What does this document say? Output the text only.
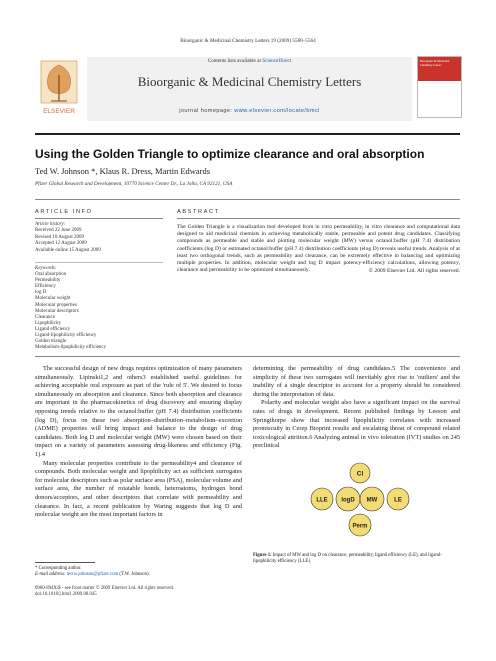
Bioorganic & Medicinal Chemistry Letters 19 (2009) 5560–5564
ELSEVIER
Contents lists available at ScienceDirect
Bioorganic & Medicinal Chemistry Letters
journal homepage: www.elsevier.com/locate/bmcl
Bioorganic & Medicinal Chemistry Letters
Using the Golden Triangle to optimize clearance and oral absorption
Ted W. Johnson *, Klaus R. Dress, Martin Edwards
Pfizer Global Research and Development, 10770 Science Center Dr., La Jolla, CA 92121, USA
ARTICLE INFO	ABSTRACT
Article history:
Received 22 June 2009
Revised 10 August 2009
Accepted 12 August 2009
Available online 15 August 2009
Keywords:
Oral absorption
Permeability
Efficiency
log D
Molecular weight
Molecular properties
Molecular descriptors
Clearance
Lipophilicity
Ligand efficiency
Ligand-lipophilicity efficiency
Golden triangle
Metabolism-lipophilicity efficiency
The Golden Triangle is a visualization tool developed from in vitro permeability, in vitro clearance and computational data designed to aid medicinal chemists in achieving metabolically stable, permeable and potent drug candidates. Classifying compounds as permeable and stable and plotting molecular weight (MW) versus octanol:buffer (pH 7.4) distribution coefficients (log D) or estimated octanol:buffer (pH 7.4) distribution coefficients (elog D) reveals useful trends. Analysis of at least two orthogonal trends, such as permeability and clearance, can be extremely effective in balancing and optimizing multiple properties. In addition, molecular weight and log D impact potency-efficiency calculations, allowing potency, clearance and permeability to be optimized simultaneously.	© 2009 Elsevier Ltd. All rights reserved.

The successful design of new drugs requires optimization of many parameters simultaneously. Lipinski1,2 and others3 established useful guidelines for achieving acceptable oral exposure as part of the 'rule of 5'. We desired to focus simultaneously on absorption and clearance. Since both absorption and clearance are important in the pharmacokinetics of drug discovery and ensuring display opposing trends relative to the octanol:buffer (pH 7.4) distribution coefficients (log D), focus on these two absorption–distribution–metabolism–excretion (ADME) properties will bring impact and balance to the design of drug candidates. Both log D and molecular weight (MW) were chosen based on their impact on a variety of parameters assessing drug-likeness and efficiency (Fig. 1).4

Many molecular properties contribute to the permeability4 and clearance of compounds. Both molecular weight and lipophilicity act as sufficient surrogates for molecular descriptors such as polar surface area (PSA), molecular volume and surface area, the number of rotatable bonds, heteroatoms, hydrogen bond donors/acceptors, and other descriptors that correlate with permeability and clearance. In fact, a recent publication by Waring suggests that log D and molecular weight are the most important factors in

determining the permeability of drug candidates.5 The convenience and simplicity of these two surrogates will inevitably give rise to 'outliers' and the inability of a single descriptor to account for a property should be considered during the interpretation of data.

Polarity and molecular weight also have a significant impact on the survival rates of drugs in development. Recent published findings by Leeson and Springthorpe show that increased lipophilicity correlates with increased promiscuity in Cerep Bioprint results and escalating threat of compound related toxicological attrition.6 Analyzing animal in vivo toleration (IVT) studies on 245 preclinical

Cl
LLE logD MW	LE
Perm
Figure 1. Impact of MW and log D on clearance, permeability, ligand efficiency (LE), and ligand-lipophilicity efficiency (LLE).
* Corresponding author.
E-mail address: ted.w.johnson@pfizer.com (T.W. Johnson).
0960-894X/$ - see front matter © 2009 Elsevier Ltd. All rights reserved.
doi:10.1016/j.bmcl.2009.08.045
